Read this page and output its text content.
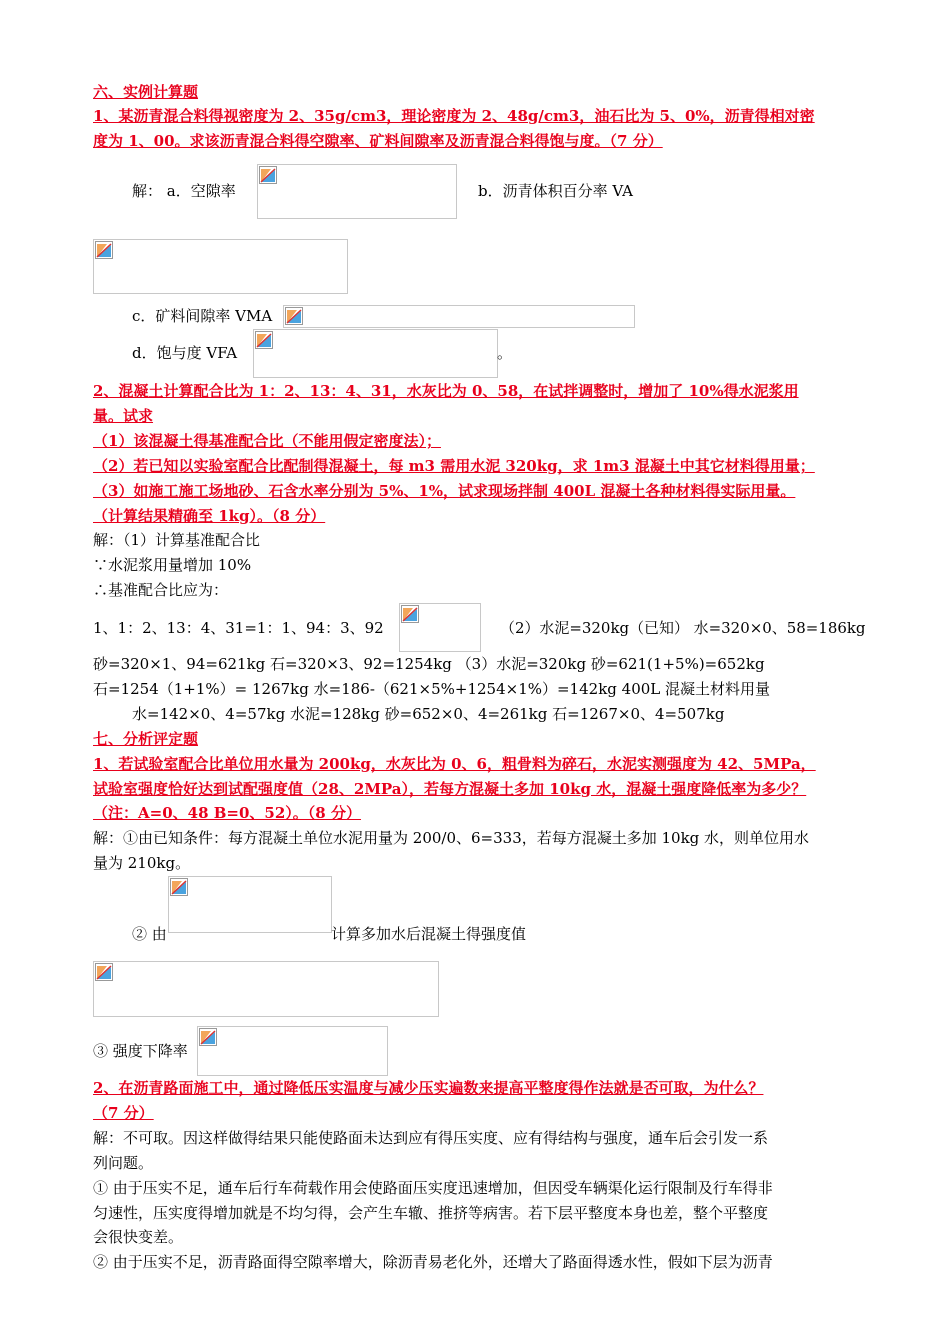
六、实例计算题
1、某沥青混合料得视密度为 2、35g/cm3，理论密度为 2、48g/cm3，油石比为 5、0%，沥青得相对密
度为 1、00。求该沥青混合料得空隙率、矿料间隙率及沥青混合料得饱与度。（7 分）
解： a．空隙率	b．沥青体积百分率 VA
c．矿料间隙率 VMA
d．饱与度 VFA	。
2、混凝土计算配合比为 1：2、13：4、31，水灰比为 0、58，在试拌调整时，增加了 10%得水泥浆用
量。试求
（1）该混凝土得基准配合比（不能用假定密度法）；
（2）若已知以实验室配合比配制得混凝土，每 m3 需用水泥 320kg，求 1m3 混凝土中其它材料得用量；
（3）如施工施工场地砂、石含水率分别为 5%、1%，试求现场拌制 400L 混凝土各种材料得实际用量。
（计算结果精确至 1kg）。（8 分）
解：（1）计算基准配合比
∵水泥浆用量增加 10%
∴基准配合比应为：
1、1：2、13：4、31=1：1、94：3、92	（2）水泥=320kg（已知） 水=320×0、58=186kg
砂=320×1、94=621kg 石=320×3、92=1254kg （3）水泥=320kg 砂=621(1+5%)=652kg
石=1254（1+1%）= 1267kg 水=186-（621×5%+1254×1%）=142kg 400L 混凝土材料用量
水=142×0、4=57kg 水泥=128kg 砂=652×0、4=261kg 石=1267×0、4=507kg
七、分析评定题
1、若试验室配合比单位用水量为 200kg，水灰比为 0、6，粗骨料为碎石，水泥实测强度为 42、5MPa，
试验室强度恰好达到试配强度值（28、2MPa），若每方混凝土多加 10kg 水，混凝土强度降低率为多少？
（注：A=0、48 B=0、52）。（8 分）
解：①由已知条件：每方混凝土单位水泥用量为 200/0、6=333，若每方混凝土多加 10kg 水，则单位用水
量为 210kg。
② 由	计算多加水后混凝土得强度值
③ 强度下降率
2、在沥青路面施工中，通过降低压实温度与减少压实遍数来提高平整度得作法就是否可取，为什么？
（7 分）
解：不可取。因这样做得结果只能使路面未达到应有得压实度、应有得结构与强度，通车后会引发一系
列问题。
① 由于压实不足，通车后行车荷载作用会使路面压实度迅速增加，但因受车辆渠化运行限制及行车得非
匀速性，压实度得增加就是不均匀得，会产生车辙、推挤等病害。若下层平整度本身也差，整个平整度
会很快变差。
② 由于压实不足，沥青路面得空隙率增大，除沥青易老化外，还增大了路面得透水性，假如下层为沥青
